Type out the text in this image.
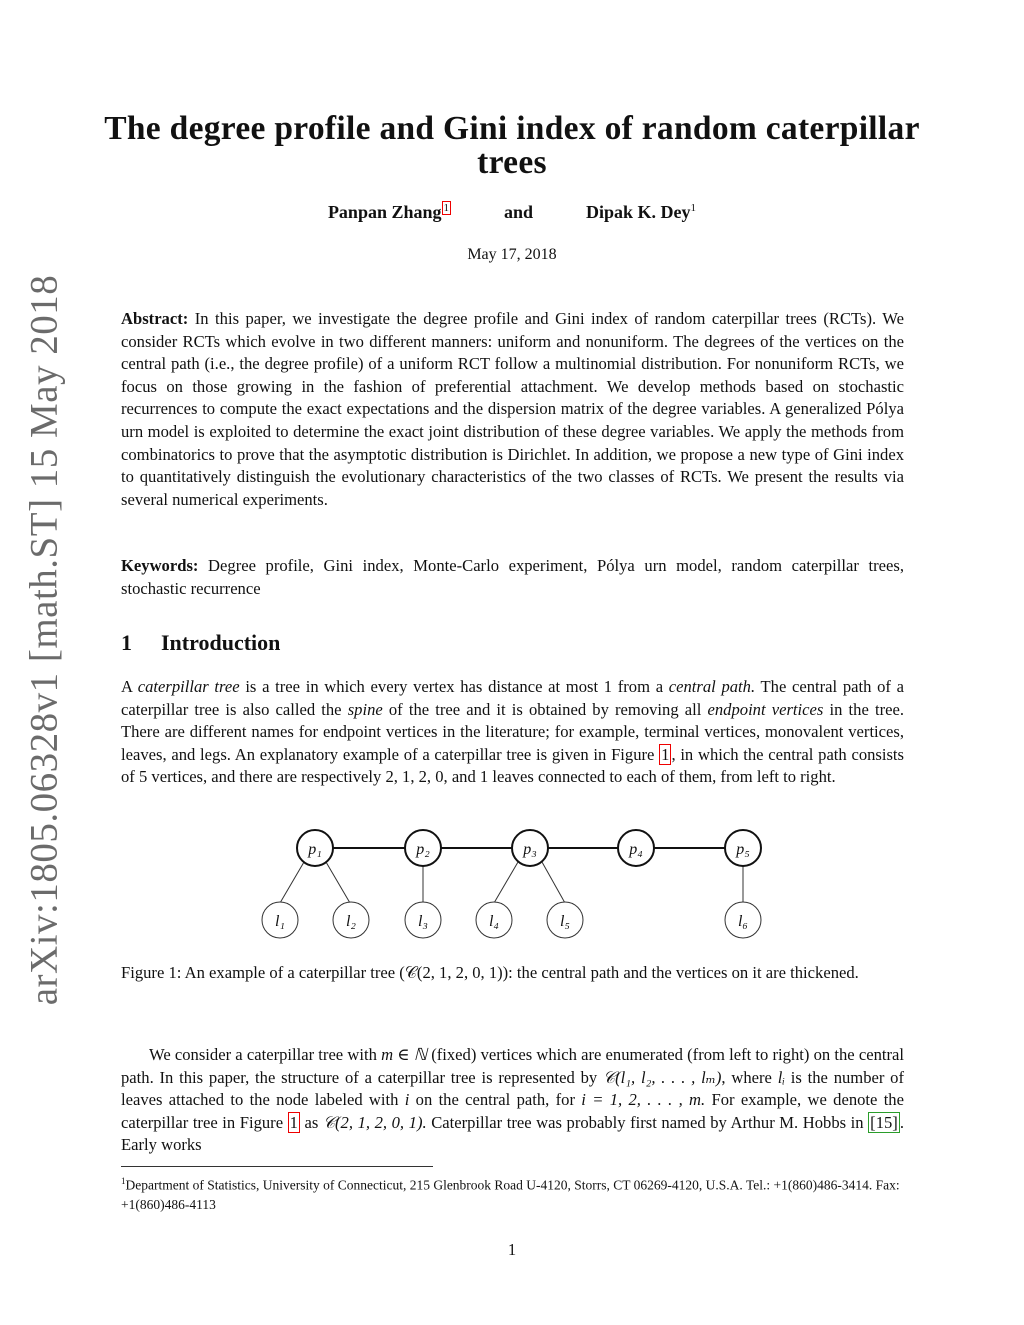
arXiv:1805.06328v1 [math.ST] 15 May 2018
The degree profile and Gini index of random caterpillar trees
Panpan Zhang $^1$	and	Dipak K. Dey$^1$
May 17, 2018
Abstract: In this paper, we investigate the degree profile and Gini index of random caterpillar trees (RCTs). We consider RCTs which evolve in two different manners: uniform and nonuniform. The degrees of the vertices on the central path (i.e., the degree profile) of a uniform RCT follow a multinomial distribution. For nonuniform RCTs, we focus on those growing in the fashion of preferential attachment. We develop methods based on stochastic recurrences to compute the exact expectations and the dispersion matrix of the degree variables. A generalized Pólya urn model is exploited to determine the exact joint distribution of these degree variables. We apply the methods from combinatorics to prove that the asymptotic distribution is Dirichlet. In addition, we propose a new type of Gini index to quantitatively distinguish the evolutionary characteristics of the two classes of RCTs. We present the results via several numerical experiments.
Keywords: Degree profile, Gini index, Monte-Carlo experiment, Pólya urn model, random caterpillar trees, stochastic recurrence
1 Introduction
A caterpillar tree is a tree in which every vertex has distance at most 1 from a central path. The central path of a caterpillar tree is also called the spine of the tree and it is obtained by removing all endpoint vertices in the tree. There are different names for endpoint vertices in the literature; for example, terminal vertices, monovalent vertices, leaves, and legs. An explanatory example of a caterpillar tree is given in Figure 1 , in which the central path consists of 5 vertices, and there are respectively 2, 1, 2, 0, and 1 leaves connected to each of them, from left to right.
p₁	p₂	p₃	p₄	p₅
l₁	l₂	l₃	l₄	l₅	l₆
Figure 1: An example of a caterpillar tree (𝒞(2, 1, 2, 0, 1)): the central path and the vertices on it are thickened.
We consider a caterpillar tree with m ∈ ℕ (fixed) vertices which are enumerated (from left to right) on the central path. In this paper, the structure of a caterpillar tree is represented by 𝒞(l₁, l₂, . . . , lₘ), where lᵢ is the number of leaves attached to the node labeled with i on the central path, for i = 1, 2, . . . , m. For example, we denote the caterpillar tree in Figure 1 as 𝒞(2, 1, 2, 0, 1). Caterpillar tree was probably first named by Arthur M. Hobbs in [15] . Early works
$^1$Department of Statistics, University of Connecticut, 215 Glenbrook Road U-4120, Storrs, CT 06269-4120, U.S.A. Tel.: +1(860)486-3414. Fax: +1(860)486-4113
1
